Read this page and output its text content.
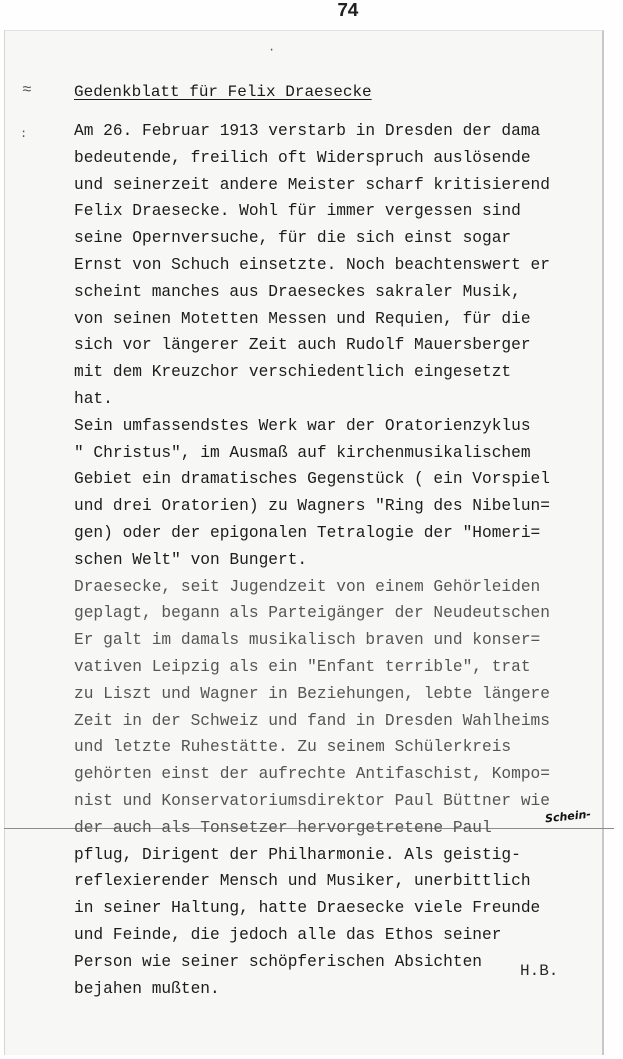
≈
:
·
74
Gedenkblatt für Felix Draesecke
Am 26. Februar 1913 verstarb in Dresden der dama
bedeutende, freilich oft Widerspruch auslösende
und seinerzeit andere Meister scharf kritisierend
Felix Draesecke. Wohl für immer vergessen sind
seine Opernversuche, für die sich einst sogar
Ernst von Schuch einsetzte. Noch beachtenswert er
scheint manches aus Draeseckes sakraler Musik,
von seinen Motetten Messen und Requien, für die
sich vor längerer Zeit auch Rudolf Mauersberger
mit dem Kreuzchor verschiedentlich eingesetzt
hat.
Sein umfassendstes Werk war der Oratorienzyklus
" Christus", im Ausmaß auf kirchenmusikalischem
Gebiet ein dramatisches Gegenstück ( ein Vorspiel
und drei Oratorien) zu Wagners "Ring des Nibelun=
gen) oder der epigonalen Tetralogie der "Homeri=
schen Welt" von Bungert.
Draesecke, seit Jugendzeit von einem Gehörleiden
geplagt, begann als Parteigänger der Neudeutschen
Er galt im damals musikalisch braven und konser=
vativen Leipzig als ein "Enfant terrible", trat
zu Liszt und Wagner in Beziehungen, lebte längere
Zeit in der Schweiz und fand in Dresden Wahlheims
und letzte Ruhestätte. Zu seinem Schülerkreis
gehörten einst der aufrechte Antifaschist, Kompo=
nist und Konservatoriumsdirektor Paul Büttner wie
der auch als Tonsetzer hervorgetretene Paul
pflug, Dirigent der Philharmonie. Als geistig-
reflexierender Mensch und Musiker, unerbittlich
in seiner Haltung, hatte Draesecke viele Freunde
und Feinde, die jedoch alle das Ethos seiner
Person wie seiner schöpferischen Absichten
bejahen mußten.
Schein-
H.B.
